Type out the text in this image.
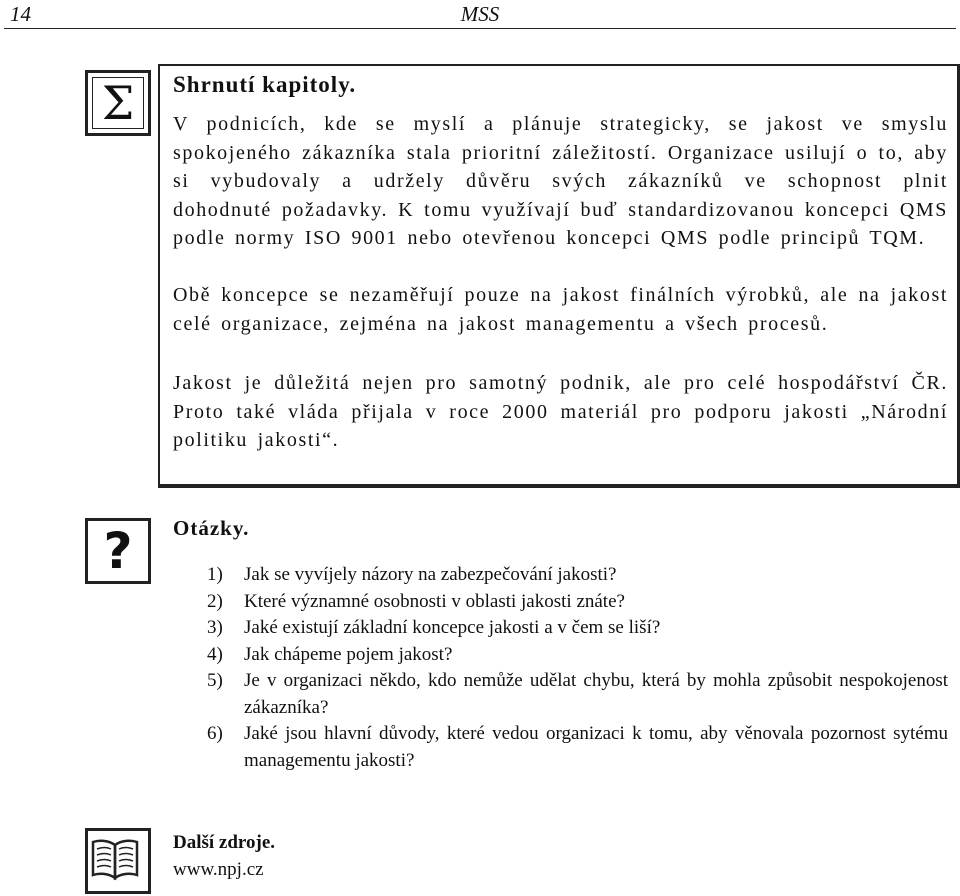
14	MSS
Σ	Shrnutí kapitoly.

V podnicích, kde se myslí a plánuje strategicky, se jakost ve smyslu spokojeného zákazníka stala prioritní záležitostí. Organizace usilují o to, aby si vybudovaly a udržely důvěru svých zákazníků ve schopnost plnit dohodnuté požadavky. K tomu využívají buď standardizovanou koncepci QMS podle normy ISO 9001 nebo otevřenou koncepci QMS podle principů TQM.

Obě koncepce se nezaměřují pouze na jakost finálních výrobků, ale na jakost celé organizace, zejména na jakost managementu a všech procesů.

Jakost je důležitá nejen pro samotný podnik, ale pro celé hospodářství ČR. Proto také vláda přijala v roce 2000 materiál pro podporu jakosti „Národní politiku jakosti“.

?	Otázky.
1) Jak se vyvíjely názory na zabezpečování jakosti?
2) Které významné osobnosti v oblasti jakosti znáte?
3) Jaké existují základní koncepce jakosti a v čem se liší?
4) Jak chápeme pojem jakost?
5) Je v organizaci někdo, kdo nemůže udělat chybu, která by mohla způsobit nespokojenost zákazníka?
6) Jaké jsou hlavní důvody, které vedou organizaci k tomu, aby věnovala pozornost sytému managementu jakosti?
Další zdroje.
www.npj.cz
